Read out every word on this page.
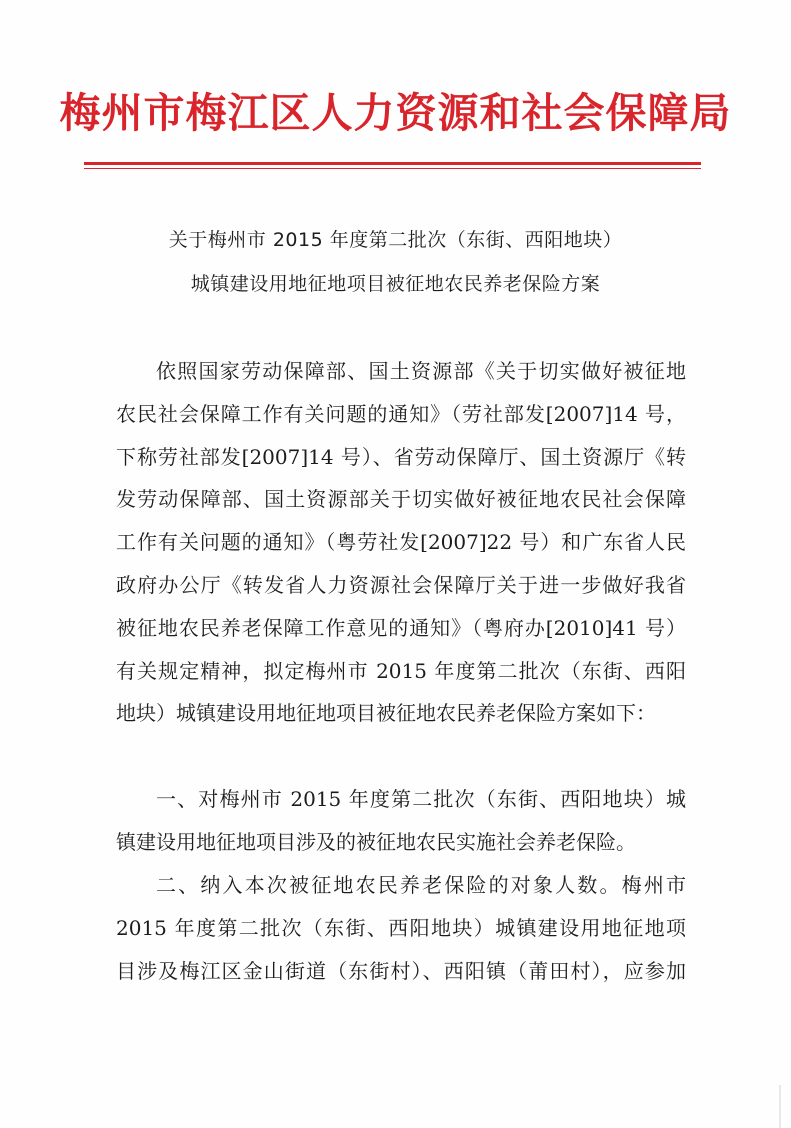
梅州市梅江区人力资源和社会保障局
关于梅州市 2015 年度第二批次（东街、西阳地块）
城镇建设用地征地项目被征地农民养老保险方案
依照国家劳动保障部、国土资源部《关于切实做好被征地
农民社会保障工作有关问题的通知》（劳社部发[2007]14 号，
下称劳社部发[2007]14 号）、省劳动保障厅、国土资源厅《转
发劳动保障部、国土资源部关于切实做好被征地农民社会保障
工作有关问题的通知》（粤劳社发[2007]22 号）和广东省人民
政府办公厅《转发省人力资源社会保障厅关于进一步做好我省
被征地农民养老保障工作意见的通知》（粤府办[2010]41 号）
有关规定精神，拟定梅州市 2015 年度第二批次（东街、西阳
地块）城镇建设用地征地项目被征地农民养老保险方案如下：
一、对梅州市 2015 年度第二批次（东街、西阳地块）城
镇建设用地征地项目涉及的被征地农民实施社会养老保险。
二、纳入本次被征地农民养老保险的对象人数。梅州市
2015 年度第二批次（东街、西阳地块）城镇建设用地征地项
目涉及梅江区金山街道（东街村）、西阳镇（莆田村），应参加
